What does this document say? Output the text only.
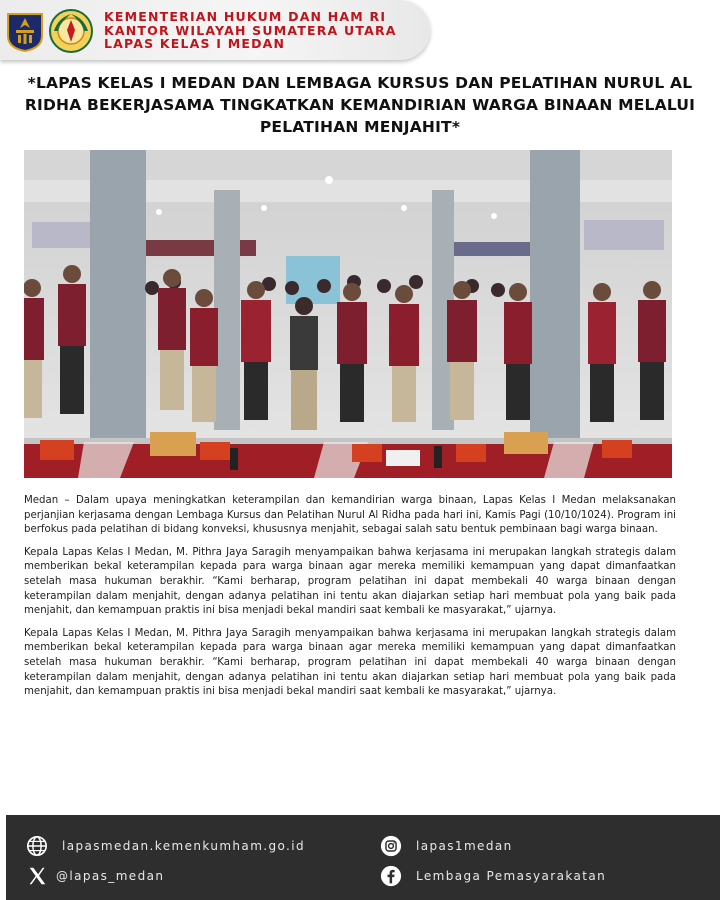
KEMENTERIAN HUKUM DAN HAM RI
KANTOR WILAYAH SUMATERA UTARA
LAPAS KELAS I MEDAN
*LAPAS KELAS I MEDAN DAN LEMBAGA KURSUS DAN PELATIHAN NURUL AL RIDHA BEKERJASAMA TINGKATKAN KEMANDIRIAN WARGA BINAAN MELALUI PELATIHAN MENJAHIT*

Medan – Dalam upaya meningkatkan keterampilan dan kemandirian warga binaan, Lapas Kelas I Medan melaksanakan perjanjian kerjasama dengan Lembaga Kursus dan Pelatihan Nurul Al Ridha pada hari ini, Kamis Pagi (10/10/1024). Program ini berfokus pada pelatihan di bidang konveksi, khususnya menjahit, sebagai salah satu bentuk pembinaan bagi warga binaan.

Kepala Lapas Kelas I Medan, M. Pithra Jaya Saragih menyampaikan bahwa kerjasama ini merupakan langkah strategis dalam memberikan bekal keterampilan kepada para warga binaan agar mereka memiliki kemampuan yang dapat dimanfaatkan setelah masa hukuman berakhir. “Kami berharap, program pelatihan ini dapat membekali 40 warga binaan dengan keterampilan dalam menjahit, dengan adanya pelatihan ini tentu akan diajarkan setiap hari membuat pola yang baik pada menjahit, dan kemampuan praktis ini bisa menjadi bekal mandiri saat kembali ke masyarakat,” ujarnya.

Kepala Lapas Kelas I Medan, M. Pithra Jaya Saragih menyampaikan bahwa kerjasama ini merupakan langkah strategis dalam memberikan bekal keterampilan kepada para warga binaan agar mereka memiliki kemampuan yang dapat dimanfaatkan setelah masa hukuman berakhir. “Kami berharap, program pelatihan ini dapat membekali 40 warga binaan dengan keterampilan dalam menjahit, dengan adanya pelatihan ini tentu akan diajarkan setiap hari membuat pola yang baik pada menjahit, dan kemampuan praktis ini bisa menjadi bekal mandiri saat kembali ke masyarakat,” ujarnya.

lapasmedan.kemenkumham.go.id	lapas1medan
@lapas_medan	Lembaga Pemasyarakatan
